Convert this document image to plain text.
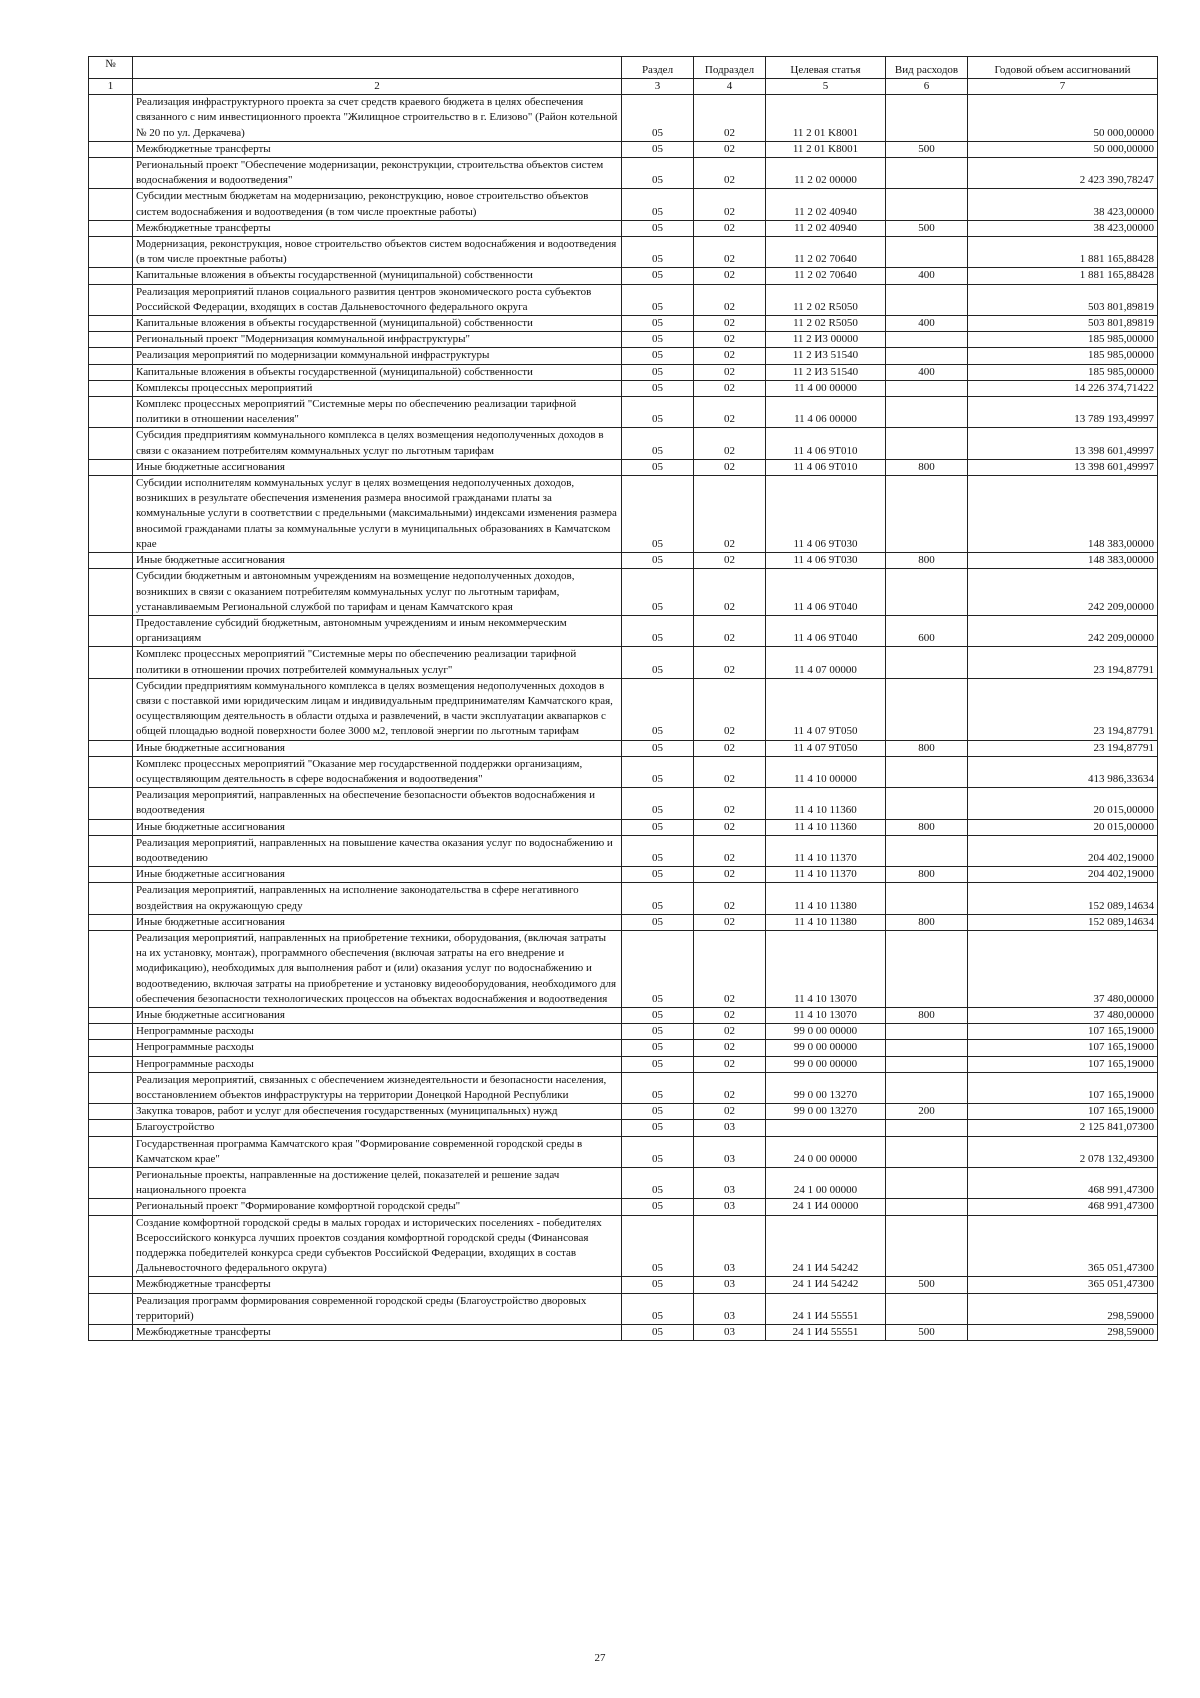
№		Раздел	Подраздел	Целевая статья	Вид расходов	Годовой объем ассигнований
1	2	3	4	5	6	7
	Реализация инфраструктурного проекта за счет средств краевого бюджета в целях обеспечения связанного с ним инвестиционного проекта "Жилищное строительство в г. Елизово" (Район котельной № 20 по ул. Деркачева)	05	02	11 2 01 K8001		50 000,00000
	Межбюджетные трансферты	05	02	11 2 01 K8001	500	50 000,00000
	Региональный проект "Обеспечение модернизации, реконструкции, строительства объектов систем водоснабжения и водоотведения"	05	02	11 2 02 00000		2 423 390,78247
	Субсидии местным бюджетам на модернизацию, реконструкцию, новое строительство объектов систем водоснабжения и водоотведения (в том числе проектные работы)	05	02	11 2 02 40940		38 423,00000
	Межбюджетные трансферты	05	02	11 2 02 40940	500	38 423,00000
	Модернизация, реконструкция, новое строительство объектов систем водоснабжения и водоотведения (в том числе проектные работы)	05	02	11 2 02 70640		1 881 165,88428
	Капитальные вложения в объекты государственной (муниципальной) собственности	05	02	11 2 02 70640	400	1 881 165,88428
	Реализация мероприятий планов социального развития центров экономического роста субъектов Российской Федерации, входящих в состав Дальневосточного федерального округа	05	02	11 2 02 R5050		503 801,89819
	Капитальные вложения в объекты государственной (муниципальной) собственности	05	02	11 2 02 R5050	400	503 801,89819
	Региональный проект "Модернизация коммунальной инфраструктуры"	05	02	11 2 И3 00000		185 985,00000
	Реализация мероприятий по модернизации коммунальной инфраструктуры	05	02	11 2 И3 51540		185 985,00000
	Капитальные вложения в объекты государственной (муниципальной) собственности	05	02	11 2 И3 51540	400	185 985,00000
	Комплексы процессных мероприятий	05	02	11 4 00 00000		14 226 374,71422
	Комплекс процессных мероприятий "Системные меры по обеспечению реализации тарифной политики в отношении населения"	05	02	11 4 06 00000		13 789 193,49997
	Субсидия предприятиям коммунального комплекса в целях возмещения недополученных доходов в связи с оказанием потребителям коммунальных услуг по льготным тарифам	05	02	11 4 06 9Т010		13 398 601,49997
	Иные бюджетные ассигнования	05	02	11 4 06 9Т010	800	13 398 601,49997
	Субсидии исполнителям коммунальных услуг в целях возмещения недополученных доходов, возникших в результате обеспечения изменения размера вносимой гражданами платы за коммунальные услуги в соответствии с предельными (максимальными) индексами изменения размера вносимой гражданами платы за коммунальные услуги в муниципальных образованиях в Камчатском крае	05	02	11 4 06 9Т030		148 383,00000
	Иные бюджетные ассигнования	05	02	11 4 06 9Т030	800	148 383,00000
	Субсидии бюджетным и автономным учреждениям на возмещение недополученных доходов, возникших в связи с оказанием потребителям коммунальных услуг по льготным тарифам, устанавливаемым Региональной службой по тарифам и ценам Камчатского края	05	02	11 4 06 9Т040		242 209,00000
	Предоставление субсидий бюджетным, автономным учреждениям и иным некоммерческим организациям	05	02	11 4 06 9Т040	600	242 209,00000
	Комплекс процессных мероприятий "Системные меры по обеспечению реализации тарифной политики в отношении прочих потребителей коммунальных услуг"	05	02	11 4 07 00000		23 194,87791
	Субсидии предприятиям коммунального комплекса в целях возмещения недополученных доходов в связи с поставкой ими юридическим лицам и индивидуальным предпринимателям Камчатского края, осуществляющим деятельность в области отдыха и развлечений, в части эксплуатации аквапарков с общей площадью водной поверхности более 3000 м2, тепловой энергии по льготным тарифам	05	02	11 4 07 9Т050		23 194,87791
	Иные бюджетные ассигнования	05	02	11 4 07 9Т050	800	23 194,87791
	Комплекс процессных мероприятий "Оказание мер государственной поддержки организациям, осуществляющим деятельность в сфере водоснабжения и водоотведения"	05	02	11 4 10 00000		413 986,33634
	Реализация мероприятий, направленных на обеспечение безопасности объектов водоснабжения и водоотведения	05	02	11 4 10 11360		20 015,00000
	Иные бюджетные ассигнования	05	02	11 4 10 11360	800	20 015,00000
	Реализация мероприятий, направленных на повышение качества оказания услуг по водоснабжению и водоотведению	05	02	11 4 10 11370		204 402,19000
	Иные бюджетные ассигнования	05	02	11 4 10 11370	800	204 402,19000
	Реализация мероприятий, направленных на исполнение законодательства в сфере негативного воздействия на окружающую среду	05	02	11 4 10 11380		152 089,14634
	Иные бюджетные ассигнования	05	02	11 4 10 11380	800	152 089,14634
	Реализация мероприятий, направленных на приобретение техники, оборудования, (включая затраты на их установку, монтаж), программного обеспечения (включая затраты на его внедрение и модификацию), необходимых для выполнения работ и (или) оказания услуг по водоснабжению и водоотведению, включая затраты на приобретение и установку видеооборудования, необходимого для обеспечения безопасности технологических процессов на объектах водоснабжения и водоотведения	05	02	11 4 10 13070		37 480,00000
	Иные бюджетные ассигнования	05	02	11 4 10 13070	800	37 480,00000
	Непрограммные расходы	05	02	99 0 00 00000		107 165,19000
	Непрограммные расходы	05	02	99 0 00 00000		107 165,19000
	Непрограммные расходы	05	02	99 0 00 00000		107 165,19000
	Реализация мероприятий, связанных с обеспечением жизнедеятельности и безопасности населения, восстановлением объектов инфраструктуры на территории Донецкой Народной Республики	05	02	99 0 00 13270		107 165,19000
	Закупка товаров, работ и услуг для обеспечения государственных (муниципальных) нужд	05	02	99 0 00 13270	200	107 165,19000
	Благоустройство	05	03			2 125 841,07300
	Государственная программа Камчатского края "Формирование современной городской среды в Камчатском крае"	05	03	24 0 00 00000		2 078 132,49300
	Региональные проекты, направленные на достижение целей, показателей и решение задач национального проекта	05	03	24 1 00 00000		468 991,47300
	Региональный проект "Формирование комфортной городской среды"	05	03	24 1 И4 00000		468 991,47300
	Создание комфортной городской среды в малых городах и исторических поселениях - победителях Всероссийского конкурса лучших проектов создания комфортной городской среды (Финансовая поддержка победителей конкурса среди субъектов Российской Федерации, входящих в состав Дальневосточного федерального округа)	05	03	24 1 И4 54242		365 051,47300
	Межбюджетные трансферты	05	03	24 1 И4 54242	500	365 051,47300
	Реализация программ формирования современной городской среды (Благоустройство дворовых территорий)	05	03	24 1 И4 55551		298,59000
	Межбюджетные трансферты	05	03	24 1 И4 55551	500	298,59000
27
